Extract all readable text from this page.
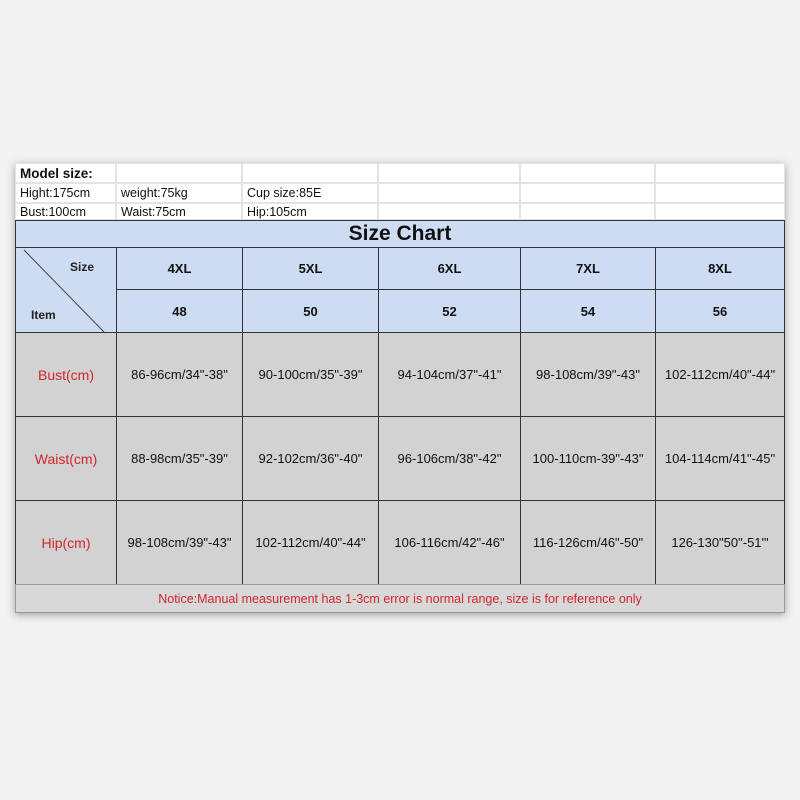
Model size:
Hight:175cm	weight:75kg	Cup size:85E
Bust:100cm	Waist:75cm	Hip:105cm
Size Chart
Size
Item
4XL	5XL	6XL	7XL	8XL
48	50	52	54	56
Bust(cm)	86-96cm/34"-38"	90-100cm/35"-39"	94-104cm/37"-41"	98-108cm/39"-43"	102-112cm/40"-44"
Waist(cm)	88-98cm/35"-39"	92-102cm/36"-40"	96-106cm/38"-42"	100-110cm-39"-43"	104-114cm/41"-45"
Hip(cm)	98-108cm/39"-43"	102-112cm/40"-44"	106-116cm/42"-46"	116-126cm/46"-50"	126-130"50"-51'"
Notice:Manual measurement has 1-3cm error is normal range, size is for reference only
